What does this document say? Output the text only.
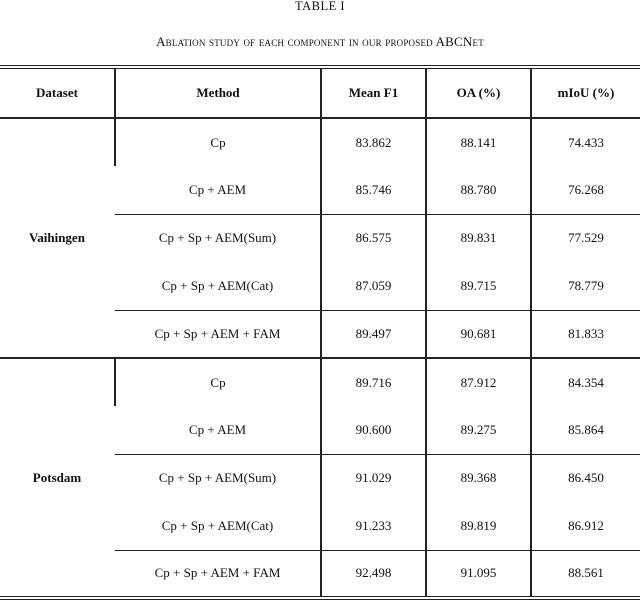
TABLE I
Ablation study of each component in our proposed ABCNet
Dataset	Method	Mean F1	OA (%)	mIoU (%)
Vaihingen	Cp	83.862	88.141	74.433
	Cp + AEM	85.746	88.780	76.268
	Cp + Sp + AEM(Sum)	86.575	89.831	77.529
	Cp + Sp + AEM(Cat)	87.059	89.715	78.779
	Cp + Sp + AEM + FAM	89.497	90.681	81.833
Potsdam	Cp	89.716	87.912	84.354
	Cp + AEM	90.600	89.275	85.864
	Cp + Sp + AEM(Sum)	91.029	89.368	86.450
	Cp + Sp + AEM(Cat)	91.233	89.819	86.912
	Cp + Sp + AEM + FAM	92.498	91.095	88.561
